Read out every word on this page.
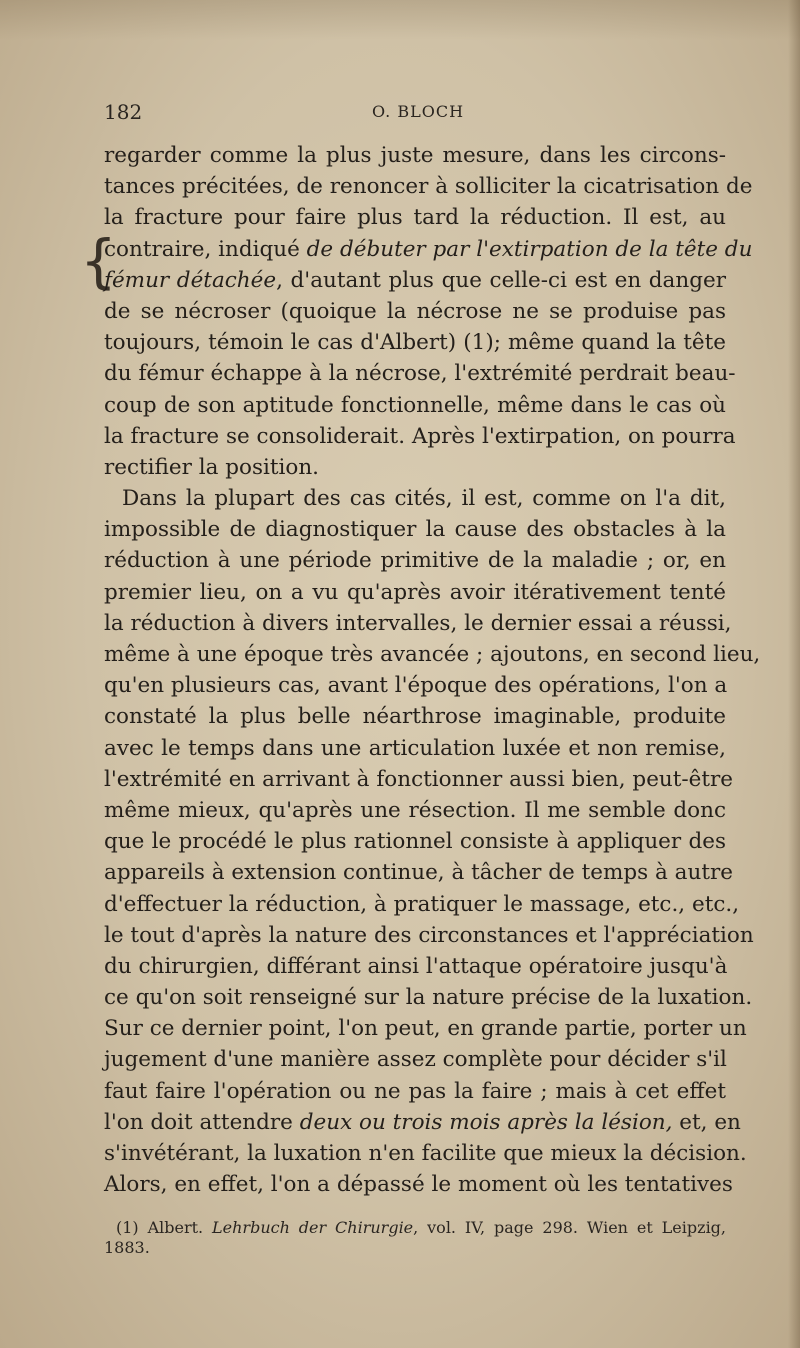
182	O. BLOCH
{
regarder comme la plus juste mesure, dans les circons-
tances précitées, de renoncer à solliciter la cicatrisation de
la fracture pour faire plus tard la réduction. Il est, au
contraire, indiqué de débuter par l'extirpation de la tête du
fémur détachée, d'autant plus que celle-ci est en danger
de se nécroser (quoique la nécrose ne se produise pas
toujours, témoin le cas d'Albert) (1); même quand la tête
du fémur échappe à la nécrose, l'extrémité perdrait beau-
coup de son aptitude fonctionnelle, même dans le cas où
la fracture se consoliderait. Après l'extirpation, on pourra
rectifier la position.
Dans la plupart des cas cités, il est, comme on l'a dit,
impossible de diagnostiquer la cause des obstacles à la
réduction à une période primitive de la maladie ; or, en
premier lieu, on a vu qu'après avoir itérativement tenté
la réduction à divers intervalles, le dernier essai a réussi,
même à une époque très avancée ; ajoutons, en second lieu,
qu'en plusieurs cas, avant l'époque des opérations, l'on a
constaté la plus belle néarthrose imaginable, produite
avec le temps dans une articulation luxée et non remise,
l'extrémité en arrivant à fonctionner aussi bien, peut-être
même mieux, qu'après une résection. Il me semble donc
que le procédé le plus rationnel consiste à appliquer des
appareils à extension continue, à tâcher de temps à autre
d'effectuer la réduction, à pratiquer le massage, etc., etc.,
le tout d'après la nature des circonstances et l'appréciation
du chirurgien, différant ainsi l'attaque opératoire jusqu'à
ce qu'on soit renseigné sur la nature précise de la luxation.
Sur ce dernier point, l'on peut, en grande partie, porter un
jugement d'une manière assez complète pour décider s'il
faut faire l'opération ou ne pas la faire ; mais à cet effet
l'on doit attendre deux ou trois mois après la lésion, et, en
s'invétérant, la luxation n'en facilite que mieux la décision.
Alors, en effet, l'on a dépassé le moment où les tentatives
(1) Albert. Lehrbuch der Chirurgie, vol. IV, page 298. Wien et Leipzig,
1883.
